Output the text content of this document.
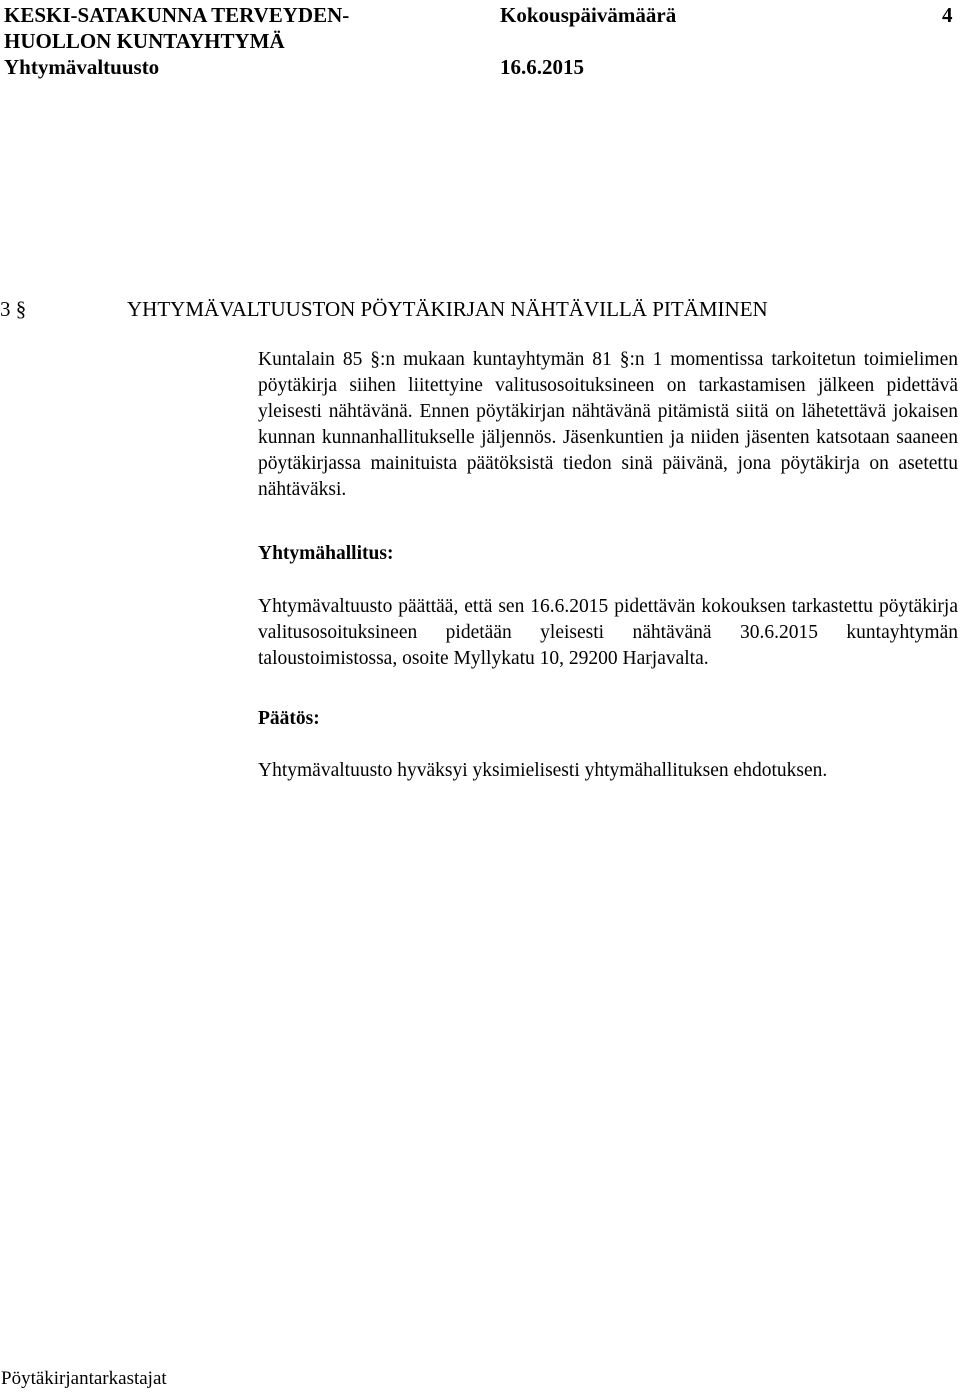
KESKI-SATAKUNNA TERVEYDEN-
HUOLLON KUNTAYHTYMÄ
Yhtymävaltuusto
Kokouspäivämäärä
16.6.2015
4
3 §	YHTYMÄVALTUUSTON PÖYTÄKIRJAN NÄHTÄVILLÄ PITÄMINEN

Kuntalain 85 §:n mukaan kuntayhtymän 81 §:n 1 momentissa tarkoitetun toimielimen pöytäkirja siihen liitettyine valitusosoituksineen on tarkastamisen jälkeen pidettävä yleisesti nähtävänä. Ennen pöytäkirjan nähtävänä pitämistä siitä on lähetettävä jokaisen kunnan kunnanhallitukselle jäljennös. Jäsenkuntien ja niiden jäsenten katsotaan saaneen pöytäkirjassa mainituista päätöksistä tiedon sinä päivänä, jona pöytäkirja on asetettu nähtäväksi.

Yhtymähallitus:

Yhtymävaltuusto päättää, että sen 16.6.2015 pidettävän kokouksen tarkastettu pöytäkirja valitusosoituksineen pidetään yleisesti nähtävänä 30.6.2015 kuntayhtymän taloustoimistossa, osoite Myllykatu 10, 29200 Harjavalta.

Päätös:

Yhtymävaltuusto hyväksyi yksimielisesti yhtymähallituksen ehdotuksen.

Pöytäkirjantarkastajat
